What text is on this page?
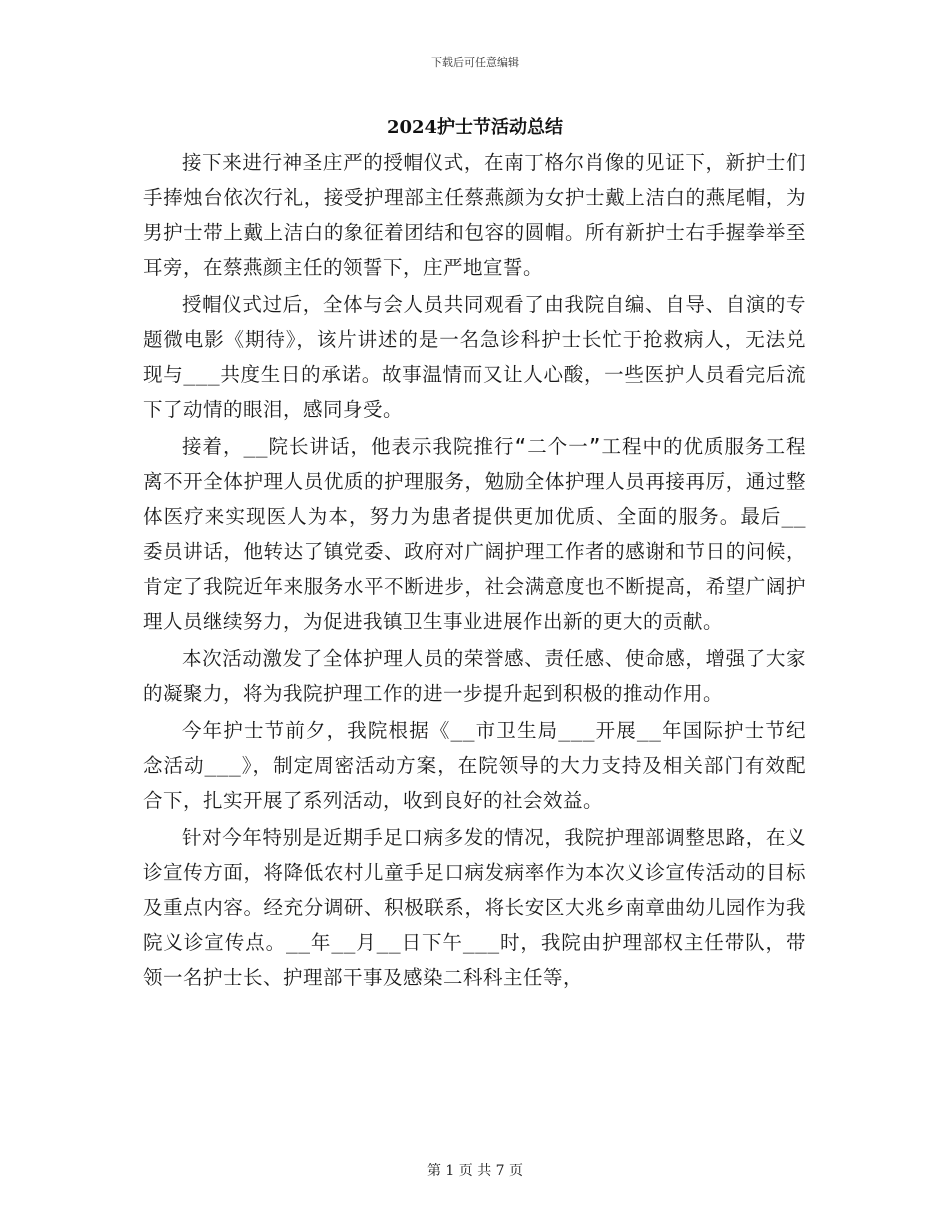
下载后可任意编辑
2024护士节活动总结

接下来进行神圣庄严的授帽仪式，在南丁格尔肖像的见证下，新护士们手捧烛台依次行礼，接受护理部主任蔡燕颜为女护士戴上洁白的燕尾帽，为男护士带上戴上洁白的象征着团结和包容的圆帽。所有新护士右手握拳举至耳旁，在蔡燕颜主任的领誓下，庄严地宣誓。

授帽仪式过后，全体与会人员共同观看了由我院自编、自导、自演的专题微电影《期待》，该片讲述的是一名急诊科护士长忙于抢救病人，无法兑现与___共度生日的承诺。故事温情而又让人心酸，一些医护人员看完后流下了动情的眼泪，感同身受。

接着，__院长讲话，他表示我院推行“二个一”工程中的优质服务工程离不开全体护理人员优质的护理服务，勉励全体护理人员再接再厉，通过整体医疗来实现医人为本，努力为患者提供更加优质、全面的服务。最后__委员讲话，他转达了镇党委、政府对广阔护理工作者的感谢和节日的问候，肯定了我院近年来服务水平不断进步，社会满意度也不断提高，希望广阔护理人员继续努力，为促进我镇卫生事业进展作出新的更大的贡献。

本次活动激发了全体护理人员的荣誉感、责任感、使命感，增强了大家的凝聚力，将为我院护理工作的进一步提升起到积极的推动作用。

今年护士节前夕，我院根据《__市卫生局___开展__年国际护士节纪念活动___》，制定周密活动方案，在院领导的大力支持及相关部门有效配合下，扎实开展了系列活动，收到良好的社会效益。

针对今年特别是近期手足口病多发的情况，我院护理部调整思路，在义诊宣传方面，将降低农村儿童手足口病发病率作为本次义诊宣传活动的目标及重点内容。经充分调研、积极联系，将长安区大兆乡南章曲幼儿园作为我院义诊宣传点。__年__月__日下午___时，我院由护理部权主任带队，带领一名护士长、护理部干事及感染二科科主任等，

第 1 页 共 7 页
